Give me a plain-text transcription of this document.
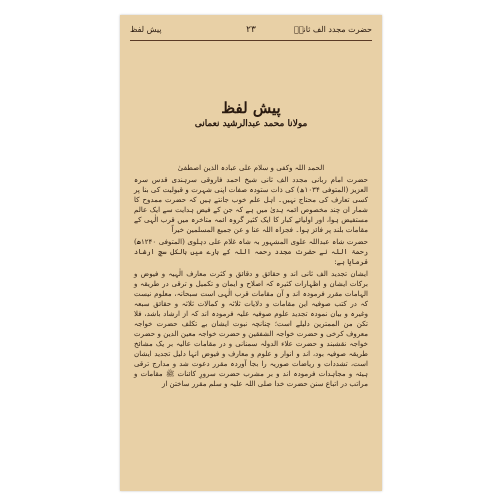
حضرت مجدد الف ثانیؒ
۲۳
پیش لفظ
پیش لفظ
مولانا محمد عبدالرشید نعمانی

الحمد اللہ وکفی و سلام علی عبادہ الذین اصطفیٰ

حضرت امام ربانی مجدد الف ثانی شیخ احمد فاروقی سرہندی قدس سرہ العزیز (المتوفی ۱۰۳۴ھ) کی ذات ستودہ صفات اپنی شہرت و قبولیت کی بنا پر کسی تعارف کی محتاج نہیں۔ اہل علم خوب جانتے ہیں کہ حضرت ممدوح کا شمار ان چند مخصوص ائمہ ہدیٰ میں ہے کہ جن کے فیض ہدایت سے ایک عالم مستفیض ہوا، اور اولیائے کبار کا ایک کثیر گروہ ائمہ متاخرہ میں قرب الٰہی کے مقامات بلند پر فائز ہوا۔ فجزاہ اللہ عنا و عن جمیع المسلمین خیراً

حضرت شاہ عبداللہ علوی المشہور بہ شاہ غلام علی دہلوی (المتوفی ۱۲۴۰ھ) رحمۃ اللہ نے حضرت مجدد رحمہ اللہ کے بارے میں بالکل سچ ارشاد فرمایا ہے:

ایشان تجدید الف ثانی اند و حقائق و دقائق و کثرت معارف الٰہیہ و فیوض و برکات ایشان و اظہارات کثیرہ کہ اصلاح و ایمان و تکمیل و ترقی در طریقہ و الہامات مقرر فرمودہ اند و آن مقامات قرب الٰہی است سبحانہ، معلوم نیست کہ در کتب صوفیہ این مقامات و دلایات ثلاثہ و کمالات ثلاثہ و حقائق سبعہ وغیرہ و بیان نمودہ تجدید علوم صوفیہ علیہ فرمودہ اند کہ از ارشاد باشد، فلا تکن من الممترین دلیلے است؛ چنانچہ نبوت ایشان بے تکلف حضرت خواجہ معروف کرخی و حضرت خواجہ الشفقین و حضرت خواجہ معین الدین و حضرت خواجہ نقشبند و حضرت علاء الدولہ سمنانی و در مقامات عالیہ بر یک مشائخ طریقہ صوفیہ بود، اند و انوار و علوم و معارف و فیوض انہا دلیل تجدید ایشان است، تشددات و ریاضات صوریہ را بجا آوردہ مقرر دعوت شد و مدارج ترقی ہیئہ و مجاہدات فرمودہ اند و بر مشرب حضرت سرورِ کائنات ﷺ مقامات و مراتب در اتباع سنن حضرت خدا صلی اللہ علیہ و سلم مقرر ساختن از
